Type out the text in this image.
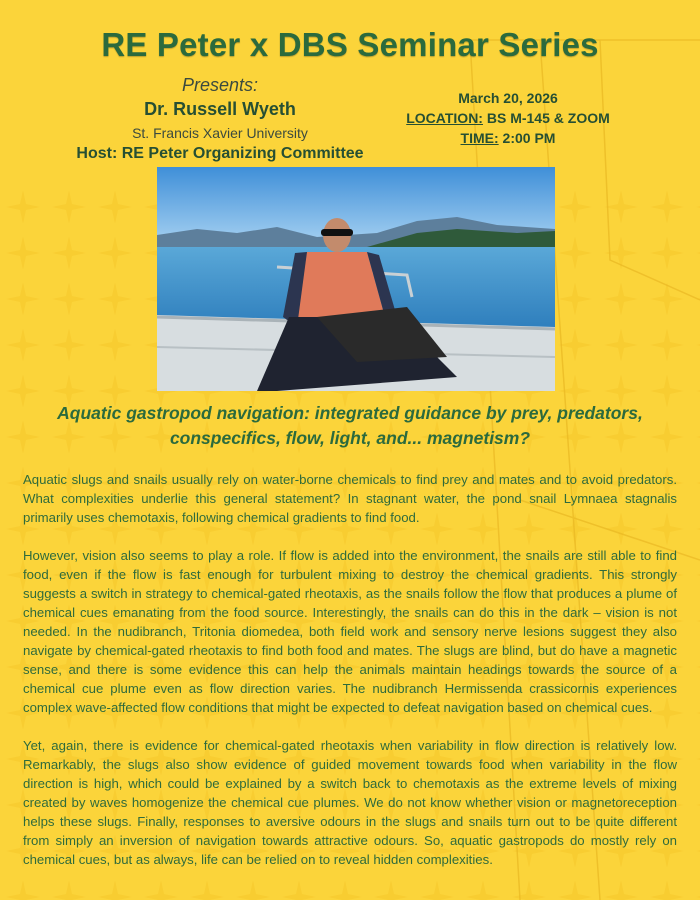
RE Peter x DBS Seminar Series
Presents:
Dr. Russell Wyeth
St. Francis Xavier University
Host: RE Peter Organizing Committee
March 20, 2026
LOCATION: BS M-145 & ZOOM
TIME: 2:00 PM
Aquatic gastropod navigation: integrated guidance by prey, predators, conspecifics, flow, light, and... magnetism?

Aquatic slugs and snails usually rely on water-borne chemicals to find prey and mates and to avoid predators. What complexities underlie this general statement? In stagnant water, the pond snail Lymnaea stagnalis primarily uses chemotaxis, following chemical gradients to find food.

However, vision also seems to play a role. If flow is added into the environment, the snails are still able to find food, even if the flow is fast enough for turbulent mixing to destroy the chemical gradients. This strongly suggests a switch in strategy to chemical-gated rheotaxis, as the snails follow the flow that produces a plume of chemical cues emanating from the food source. Interestingly, the snails can do this in the dark – vision is not needed. In the nudibranch, Tritonia diomedea, both field work and sensory nerve lesions suggest they also navigate by chemical-gated rheotaxis to find both food and mates. The slugs are blind, but do have a magnetic sense, and there is some evidence this can help the animals maintain headings towards the source of a chemical cue plume even as flow direction varies. The nudibranch Hermissenda crassicornis experiences complex wave-affected flow conditions that might be expected to defeat navigation based on chemical cues.

Yet, again, there is evidence for chemical-gated rheotaxis when variability in flow direction is relatively low. Remarkably, the slugs also show evidence of guided movement towards food when variability in the flow direction is high, which could be explained by a switch back to chemotaxis as the extreme levels of mixing created by waves homogenize the chemical cue plumes. We do not know whether vision or magnetoreception helps these slugs. Finally, responses to aversive odours in the slugs and snails turn out to be quite different from simply an inversion of navigation towards attractive odours. So, aquatic gastropods do mostly rely on chemical cues, but as always, life can be relied on to reveal hidden complexities.
